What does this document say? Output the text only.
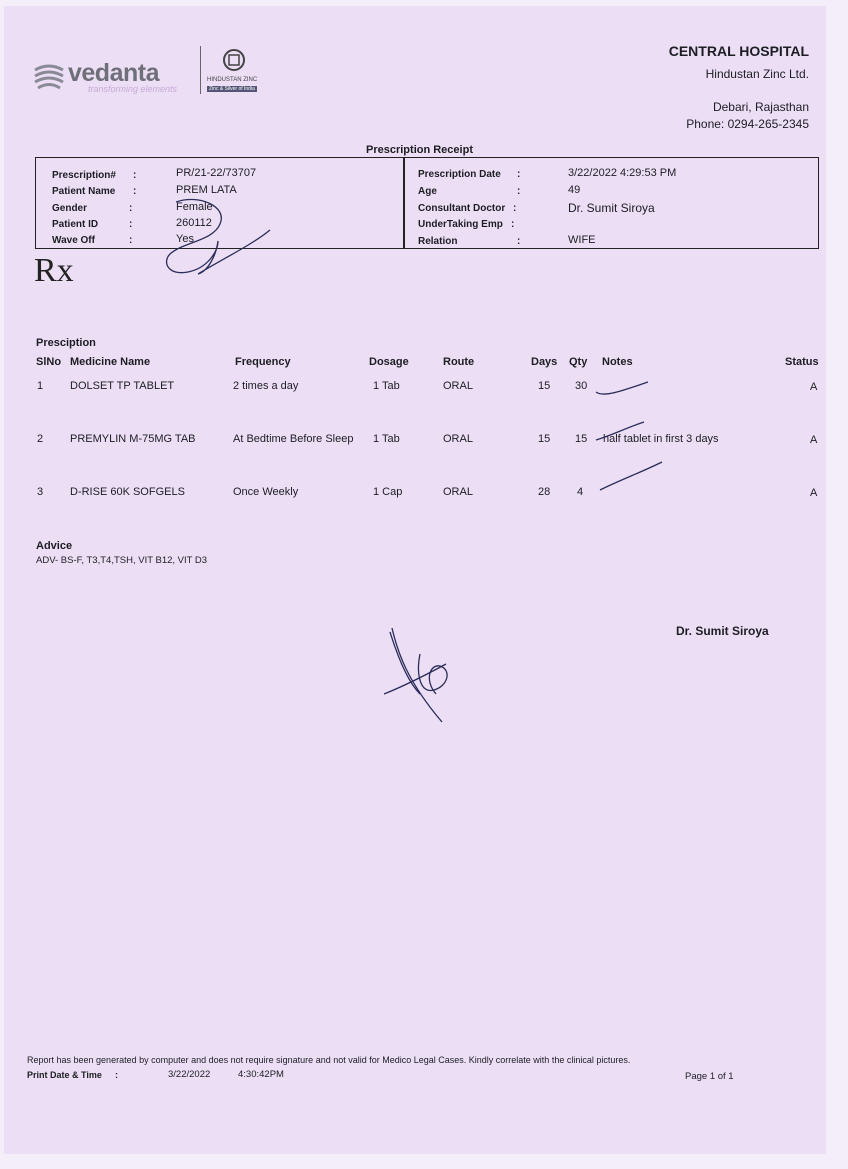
vedanta
transforming elements
HINDUSTAN ZINC
Zinc & Silver of India
CENTRAL HOSPITAL
Hindustan Zinc Ltd.
Debari, Rajasthan
Phone: 0294-265-2345
Prescription Receipt
Prescription# :	PR/21-22/73707
Patient Name :	PREM LATA
Gender	:	Female
Patient ID	:	260112
Wave Off	:	Yes
Prescription Date :	3/22/2022 4:29:53 PM
Age	:	49
Consultant Doctor :	Dr. Sumit Siroya
UnderTaking Emp :
Relation	:	WIFE
Rx
Presciption
SlNo Medicine Name	Frequency	Dosage	Route	Days Qty Notes	Status
1 DOLSET TP TABLET	2 times a day	1 Tab	ORAL	15 30	A
2 PREMYLIN M-75MG TAB	At Bedtime Before Sleep 1 Tab	ORAL	15 15 half tablet in first 3 days	A
3 D-RISE 60K SOFGELS	Once Weekly	1 Cap	ORAL	28 4	A
Advice
ADV- BS-F, T3,T4,TSH, VIT B12, VIT D3
Dr. Sumit Siroya
Report has been generated by computer and does not require signature and not valid for Medico Legal Cases. Kindly correlate with the clinical pictures.
Print Date & Time :	3/22/2022	4:30:42PM	Page 1 of 1
